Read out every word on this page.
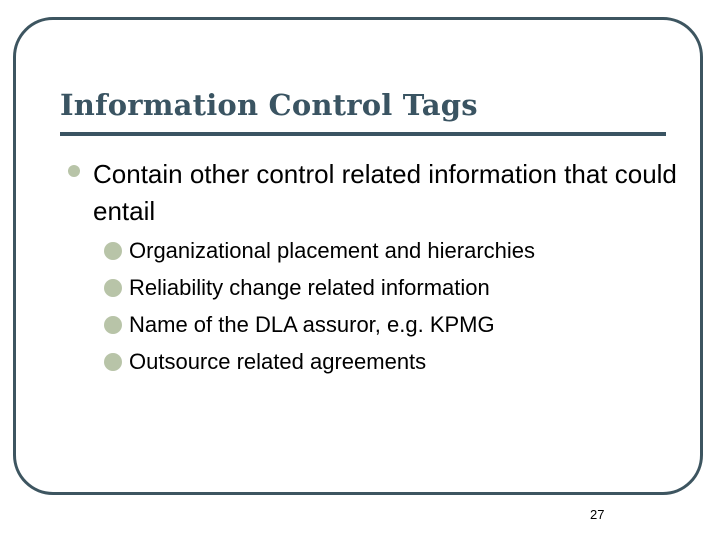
Information Control Tags
Contain other control related information that could entail
Organizational placement and hierarchies
Reliability change related information
Name of the DLA assuror, e.g. KPMG
Outsource related agreements
27
